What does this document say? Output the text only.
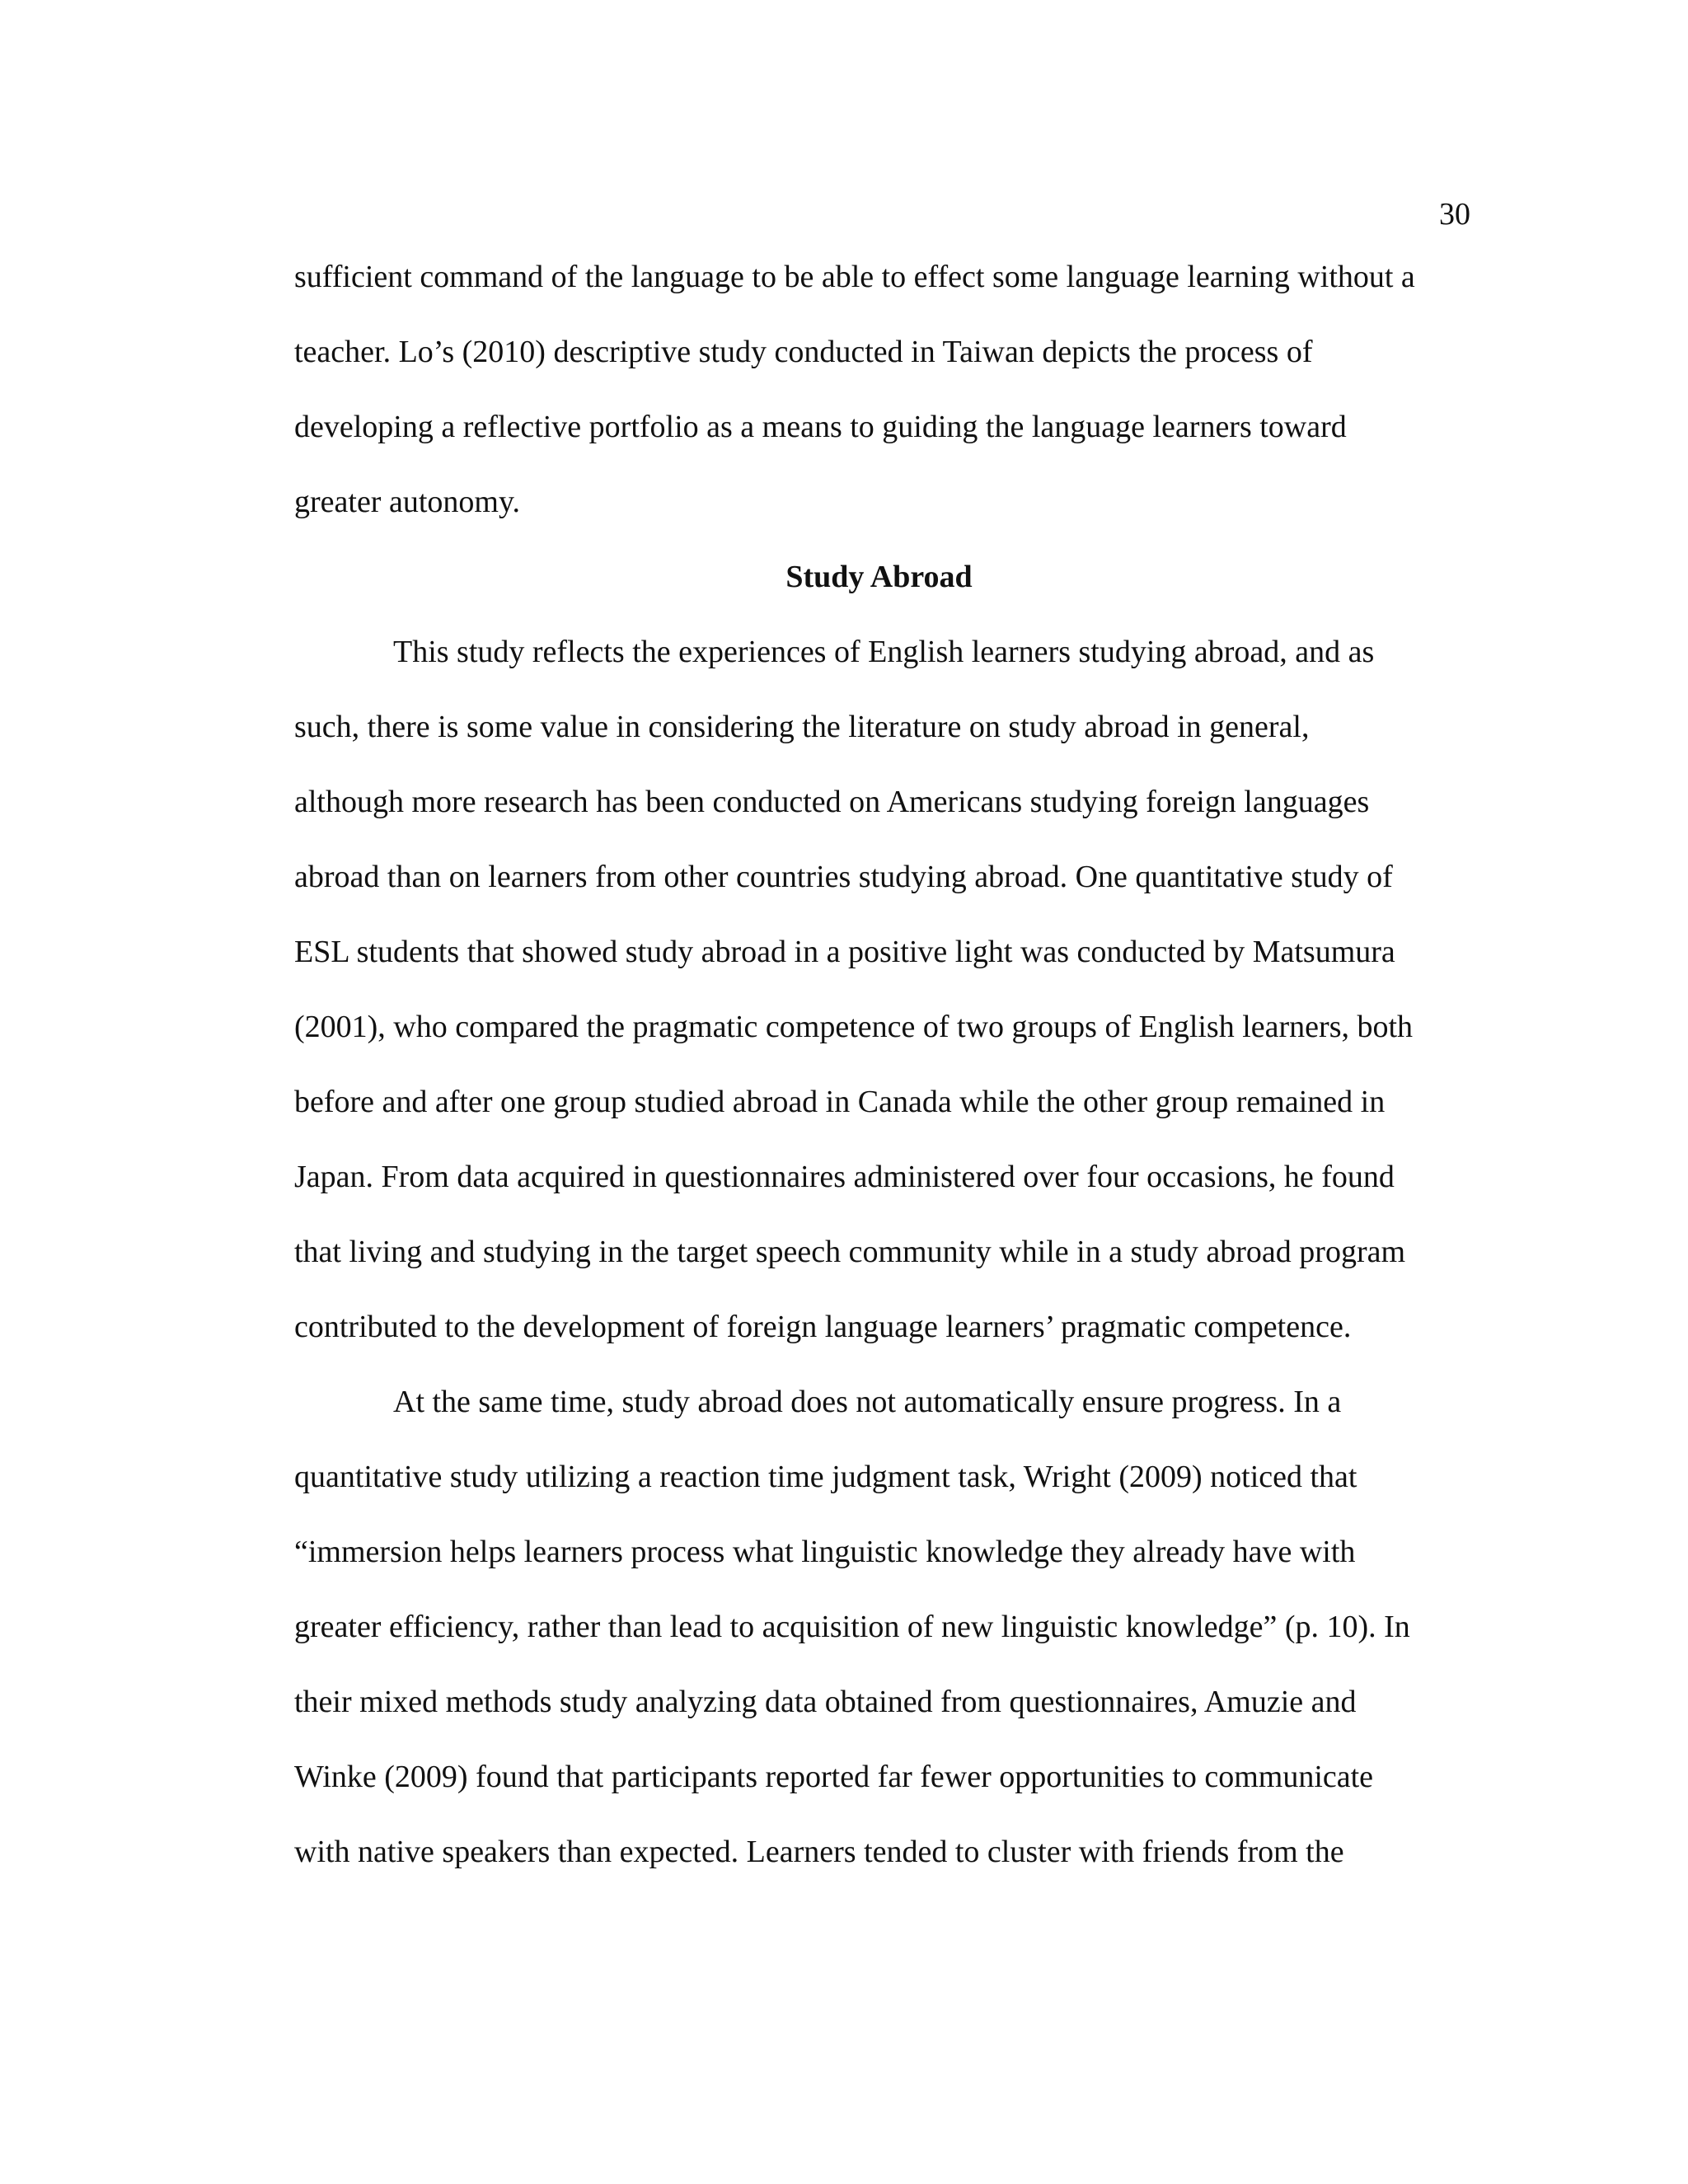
30
sufficient command of the language to be able to effect some language learning without a
teacher. Lo’s (2010) descriptive study conducted in Taiwan depicts the process of
developing a reflective portfolio as a means to guiding the language learners toward
greater autonomy.
Study Abroad
This study reflects the experiences of English learners studying abroad, and as
such, there is some value in considering the literature on study abroad in general,
although more research has been conducted on Americans studying foreign languages
abroad than on learners from other countries studying abroad. One quantitative study of
ESL students that showed study abroad in a positive light was conducted by Matsumura
(2001), who compared the pragmatic competence of two groups of English learners, both
before and after one group studied abroad in Canada while the other group remained in
Japan. From data acquired in questionnaires administered over four occasions, he found
that living and studying in the target speech community while in a study abroad program
contributed to the development of foreign language learners’ pragmatic competence.
At the same time, study abroad does not automatically ensure progress. In a
quantitative study utilizing a reaction time judgment task, Wright (2009) noticed that
“immersion helps learners process what linguistic knowledge they already have with
greater efficiency, rather than lead to acquisition of new linguistic knowledge” (p. 10). In
their mixed methods study analyzing data obtained from questionnaires, Amuzie and
Winke (2009) found that participants reported far fewer opportunities to communicate
with native speakers than expected. Learners tended to cluster with friends from the
